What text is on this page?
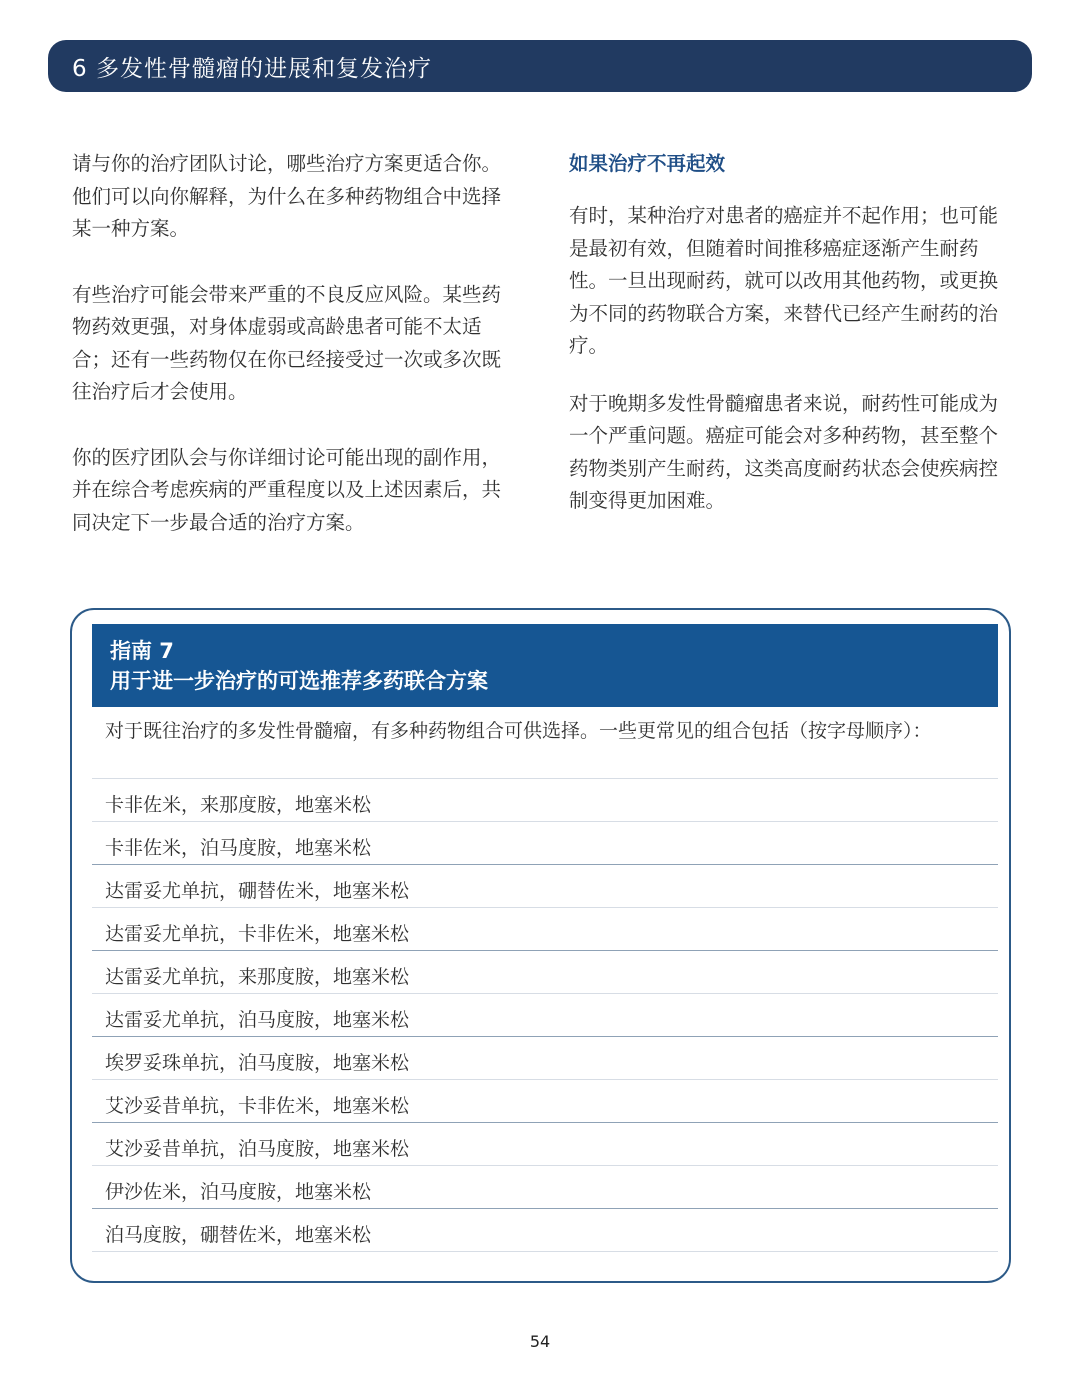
6 多发性骨髓瘤的进展和复发治疗

请与你的治疗团队讨论，哪些治疗方案更适合你。他们可以向你解释，为什么在多种药物组合中选择某一种方案。

有些治疗可能会带来严重的不良反应风险。某些药物药效更强，对身体虚弱或高龄患者可能不太适合；还有一些药物仅在你已经接受过一次或多次既往治疗后才会使用。

你的医疗团队会与你详细讨论可能出现的副作用，并在综合考虑疾病的严重程度以及上述因素后，共同决定下一步最合适的治疗方案。

如果治疗不再起效

有时，某种治疗对患者的癌症并不起作用；也可能是最初有效，但随着时间推移癌症逐渐产生耐药性。一旦出现耐药，就可以改用其他药物，或更换为不同的药物联合方案，来替代已经产生耐药的治疗。

对于晚期多发性骨髓瘤患者来说，耐药性可能成为一个严重问题。癌症可能会对多种药物，甚至整个药物类别产生耐药，这类高度耐药状态会使疾病控制变得更加困难。

指南 7
用于进一步治疗的可选推荐多药联合方案
对于既往治疗的多发性骨髓瘤，有多种药物组合可供选择。一些更常见的组合包括（按字母顺序）：
卡非佐米，来那度胺，地塞米松
卡非佐米，泊马度胺，地塞米松
达雷妥尤单抗，硼替佐米，地塞米松
达雷妥尤单抗，卡非佐米，地塞米松
达雷妥尤单抗，来那度胺，地塞米松
达雷妥尤单抗，泊马度胺，地塞米松
埃罗妥珠单抗，泊马度胺，地塞米松
艾沙妥昔单抗，卡非佐米，地塞米松
艾沙妥昔单抗，泊马度胺，地塞米松
伊沙佐米，泊马度胺，地塞米松
泊马度胺，硼替佐米，地塞米松
54
